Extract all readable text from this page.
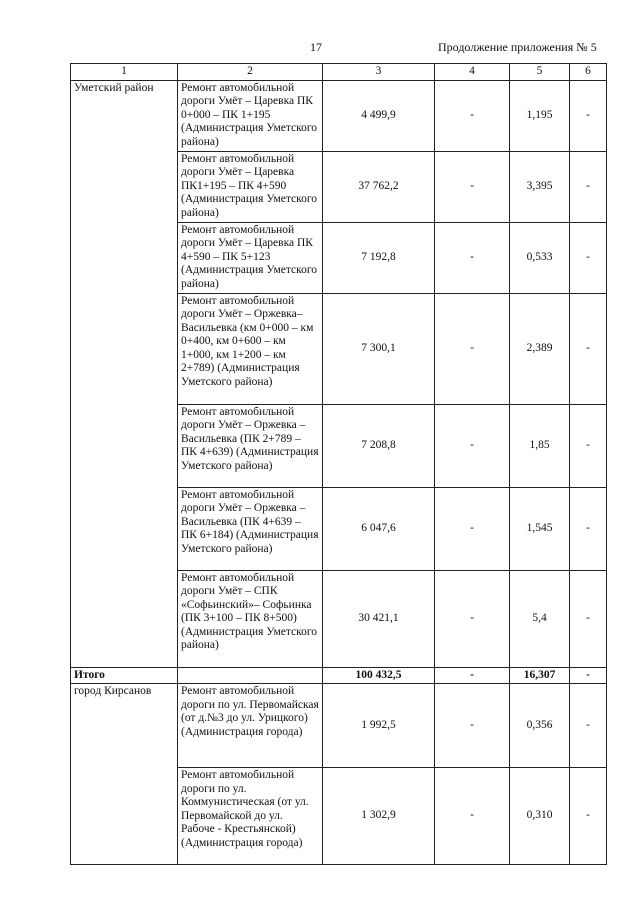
17	Продолжение приложения № 5
1	2	3	4	5	6
Уметский район	Ремонт автомобильной дороги Умёт – Царевка ПК 0+000 – ПК 1+195 (Администрация Уметского района)	4 499,9	-	1,195	-
	Ремонт автомобильной дороги Умёт – Царевка ПК1+195 – ПК 4+590 (Администрация Уметского района)	37 762,2	-	3,395	-
	Ремонт автомобильной дороги Умёт – Царевка ПК 4+590 – ПК 5+123 (Администрация Уметского района)	7 192,8	-	0,533	-
	Ремонт автомобильной дороги Умёт – Оржевка– Васильевка (км 0+000 – км 0+400, км 0+600 – км 1+000, км 1+200 – км 2+789) (Администрация Уметского района)	7 300,1	-	2,389	-
	Ремонт автомобильной дороги Умёт – Оржевка – Васильевка (ПК 2+789 – ПК 4+639) (Администрация Уметского района)	7 208,8	-	1,85	-
	Ремонт автомобильной дороги Умёт – Оржевка – Васильевка (ПК 4+639 – ПК 6+184) (Администрация Уметского района)	6 047,6	-	1,545	-
	Ремонт автомобильной дороги Умёт – СПК «Софьинский»– Софьинка (ПК 3+100 – ПК 8+500) (Администрация Уметского района)	30 421,1	-	5,4	-
Итого		100 432,5	-	16,307	-
город Кирсанов	Ремонт автомобильной дороги по ул. Первомайская (от д.№3 до ул. Урицкого) (Администрация города)	1 992,5	-	0,356	-
	Ремонт автомобильной дороги по ул. Коммунистическая (от ул. Первомайской до ул. Рабоче - Крестьянской) (Администрация города)	1 302,9	-	0,310	-
